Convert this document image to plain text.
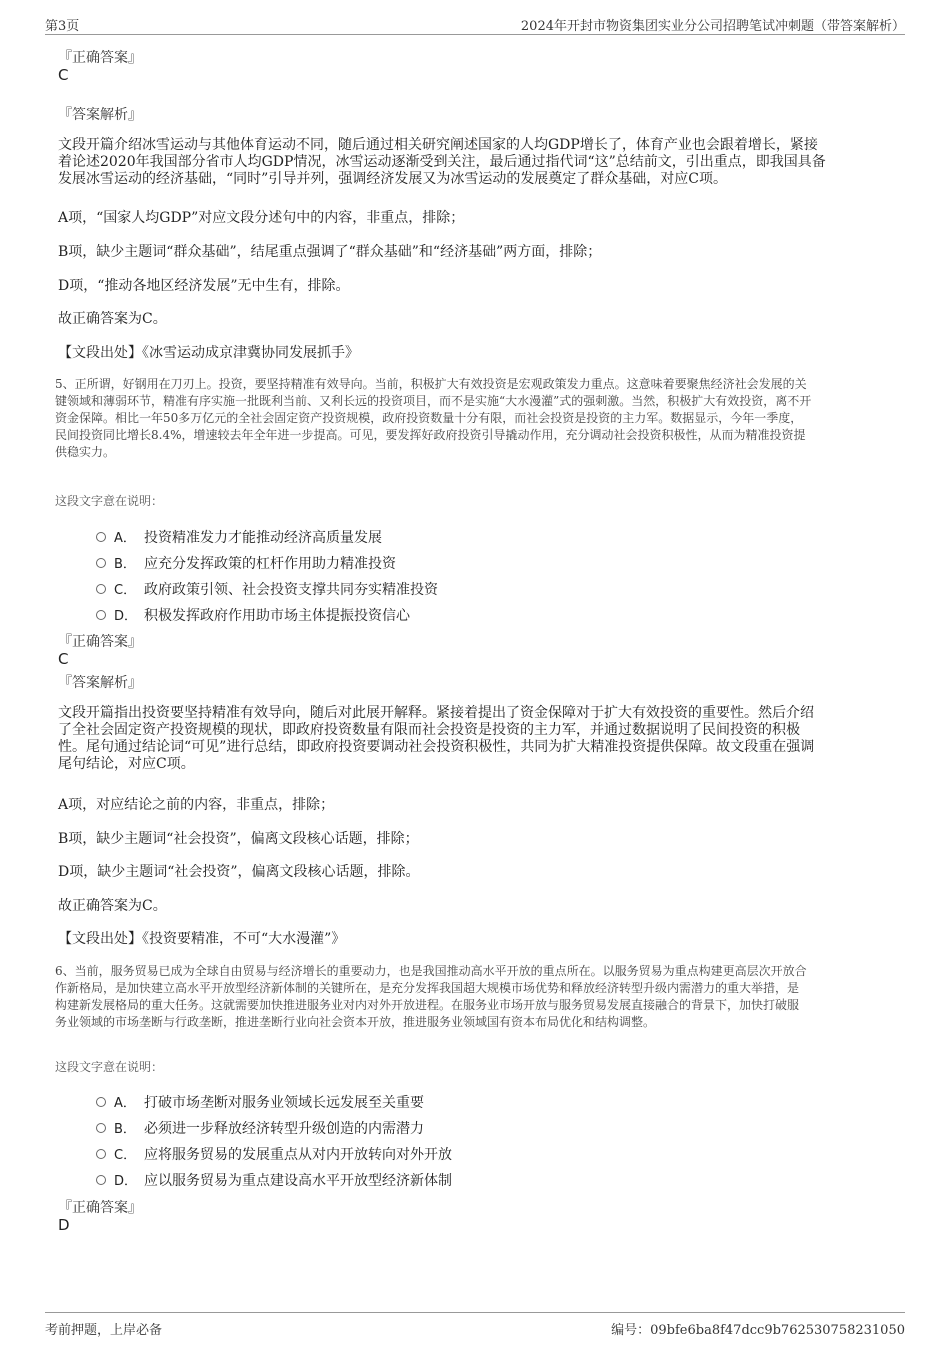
第3页	2024年开封市物资集团实业分公司招聘笔试冲刺题（带答案解析）
『正确答案』
C
『答案解析』
文段开篇介绍冰雪运动与其他体育运动不同，随后通过相关研究阐述国家的人均GDP增长了，体育产业也会跟着增长，紧接
着论述2020年我国部分省市人均GDP情况，冰雪运动逐渐受到关注，最后通过指代词“这”总结前文，引出重点，即我国具备
发展冰雪运动的经济基础，“同时”引导并列，强调经济发展又为冰雪运动的发展奠定了群众基础，对应C项。
A项，“国家人均GDP”对应文段分述句中的内容，非重点，排除；
B项，缺少主题词“群众基础”，结尾重点强调了“群众基础”和“经济基础”两方面，排除；
D项，“推动各地区经济发展”无中生有，排除。
故正确答案为C。
【文段出处】《冰雪运动成京津冀协同发展抓手》
5、正所谓，好钢用在刀刃上。投资，要坚持精准有效导向。当前，积极扩大有效投资是宏观政策发力重点。这意味着要聚焦经济社会发展的关
键领域和薄弱环节，精准有序实施一批既利当前、又利长远的投资项目，而不是实施“大水漫灌”式的强刺激。当然，积极扩大有效投资，离不开
资金保障。相比一年50多万亿元的全社会固定资产投资规模，政府投资数量十分有限，而社会投资是投资的主力军。数据显示，今年一季度，
民间投资同比增长8.4%，增速较去年全年进一步提高。可见，要发挥好政府投资引导撬动作用，充分调动社会投资积极性，从而为精准投资提
供稳实力。
这段文字意在说明：
A． 投资精准发力才能推动经济高质量发展
B． 应充分发挥政策的杠杆作用助力精准投资
C． 政府政策引领、社会投资支撑共同夯实精准投资
D． 积极发挥政府作用助市场主体提振投资信心
『正确答案』
C
『答案解析』
文段开篇指出投资要坚持精准有效导向，随后对此展开解释。紧接着提出了资金保障对于扩大有效投资的重要性。然后介绍
了全社会固定资产投资规模的现状，即政府投资数量有限而社会投资是投资的主力军，并通过数据说明了民间投资的积极
性。尾句通过结论词“可见”进行总结，即政府投资要调动社会投资积极性，共同为扩大精准投资提供保障。故文段重在强调
尾句结论，对应C项。
A项，对应结论之前的内容，非重点，排除；
B项，缺少主题词“社会投资”，偏离文段核心话题，排除；
D项，缺少主题词“社会投资”，偏离文段核心话题，排除。
故正确答案为C。
【文段出处】《投资要精准，不可“大水漫灌”》
6、当前，服务贸易已成为全球自由贸易与经济增长的重要动力，也是我国推动高水平开放的重点所在。以服务贸易为重点构建更高层次开放合
作新格局，是加快建立高水平开放型经济新体制的关键所在，是充分发挥我国超大规模市场优势和释放经济转型升级内需潜力的重大举措，是
构建新发展格局的重大任务。这就需要加快推进服务业对内对外开放进程。在服务业市场开放与服务贸易发展直接融合的背景下，加快打破服
务业领域的市场垄断与行政垄断，推进垄断行业向社会资本开放，推进服务业领域国有资本布局优化和结构调整。
这段文字意在说明：
A． 打破市场垄断对服务业领域长远发展至关重要
B． 必须进一步释放经济转型升级创造的内需潜力
C． 应将服务贸易的发展重点从对内开放转向对外开放
D． 应以服务贸易为重点建设高水平开放型经济新体制
『正确答案』
D
考前押题，上岸必备	编号：09bfe6ba8f47dcc9b762530758231050
